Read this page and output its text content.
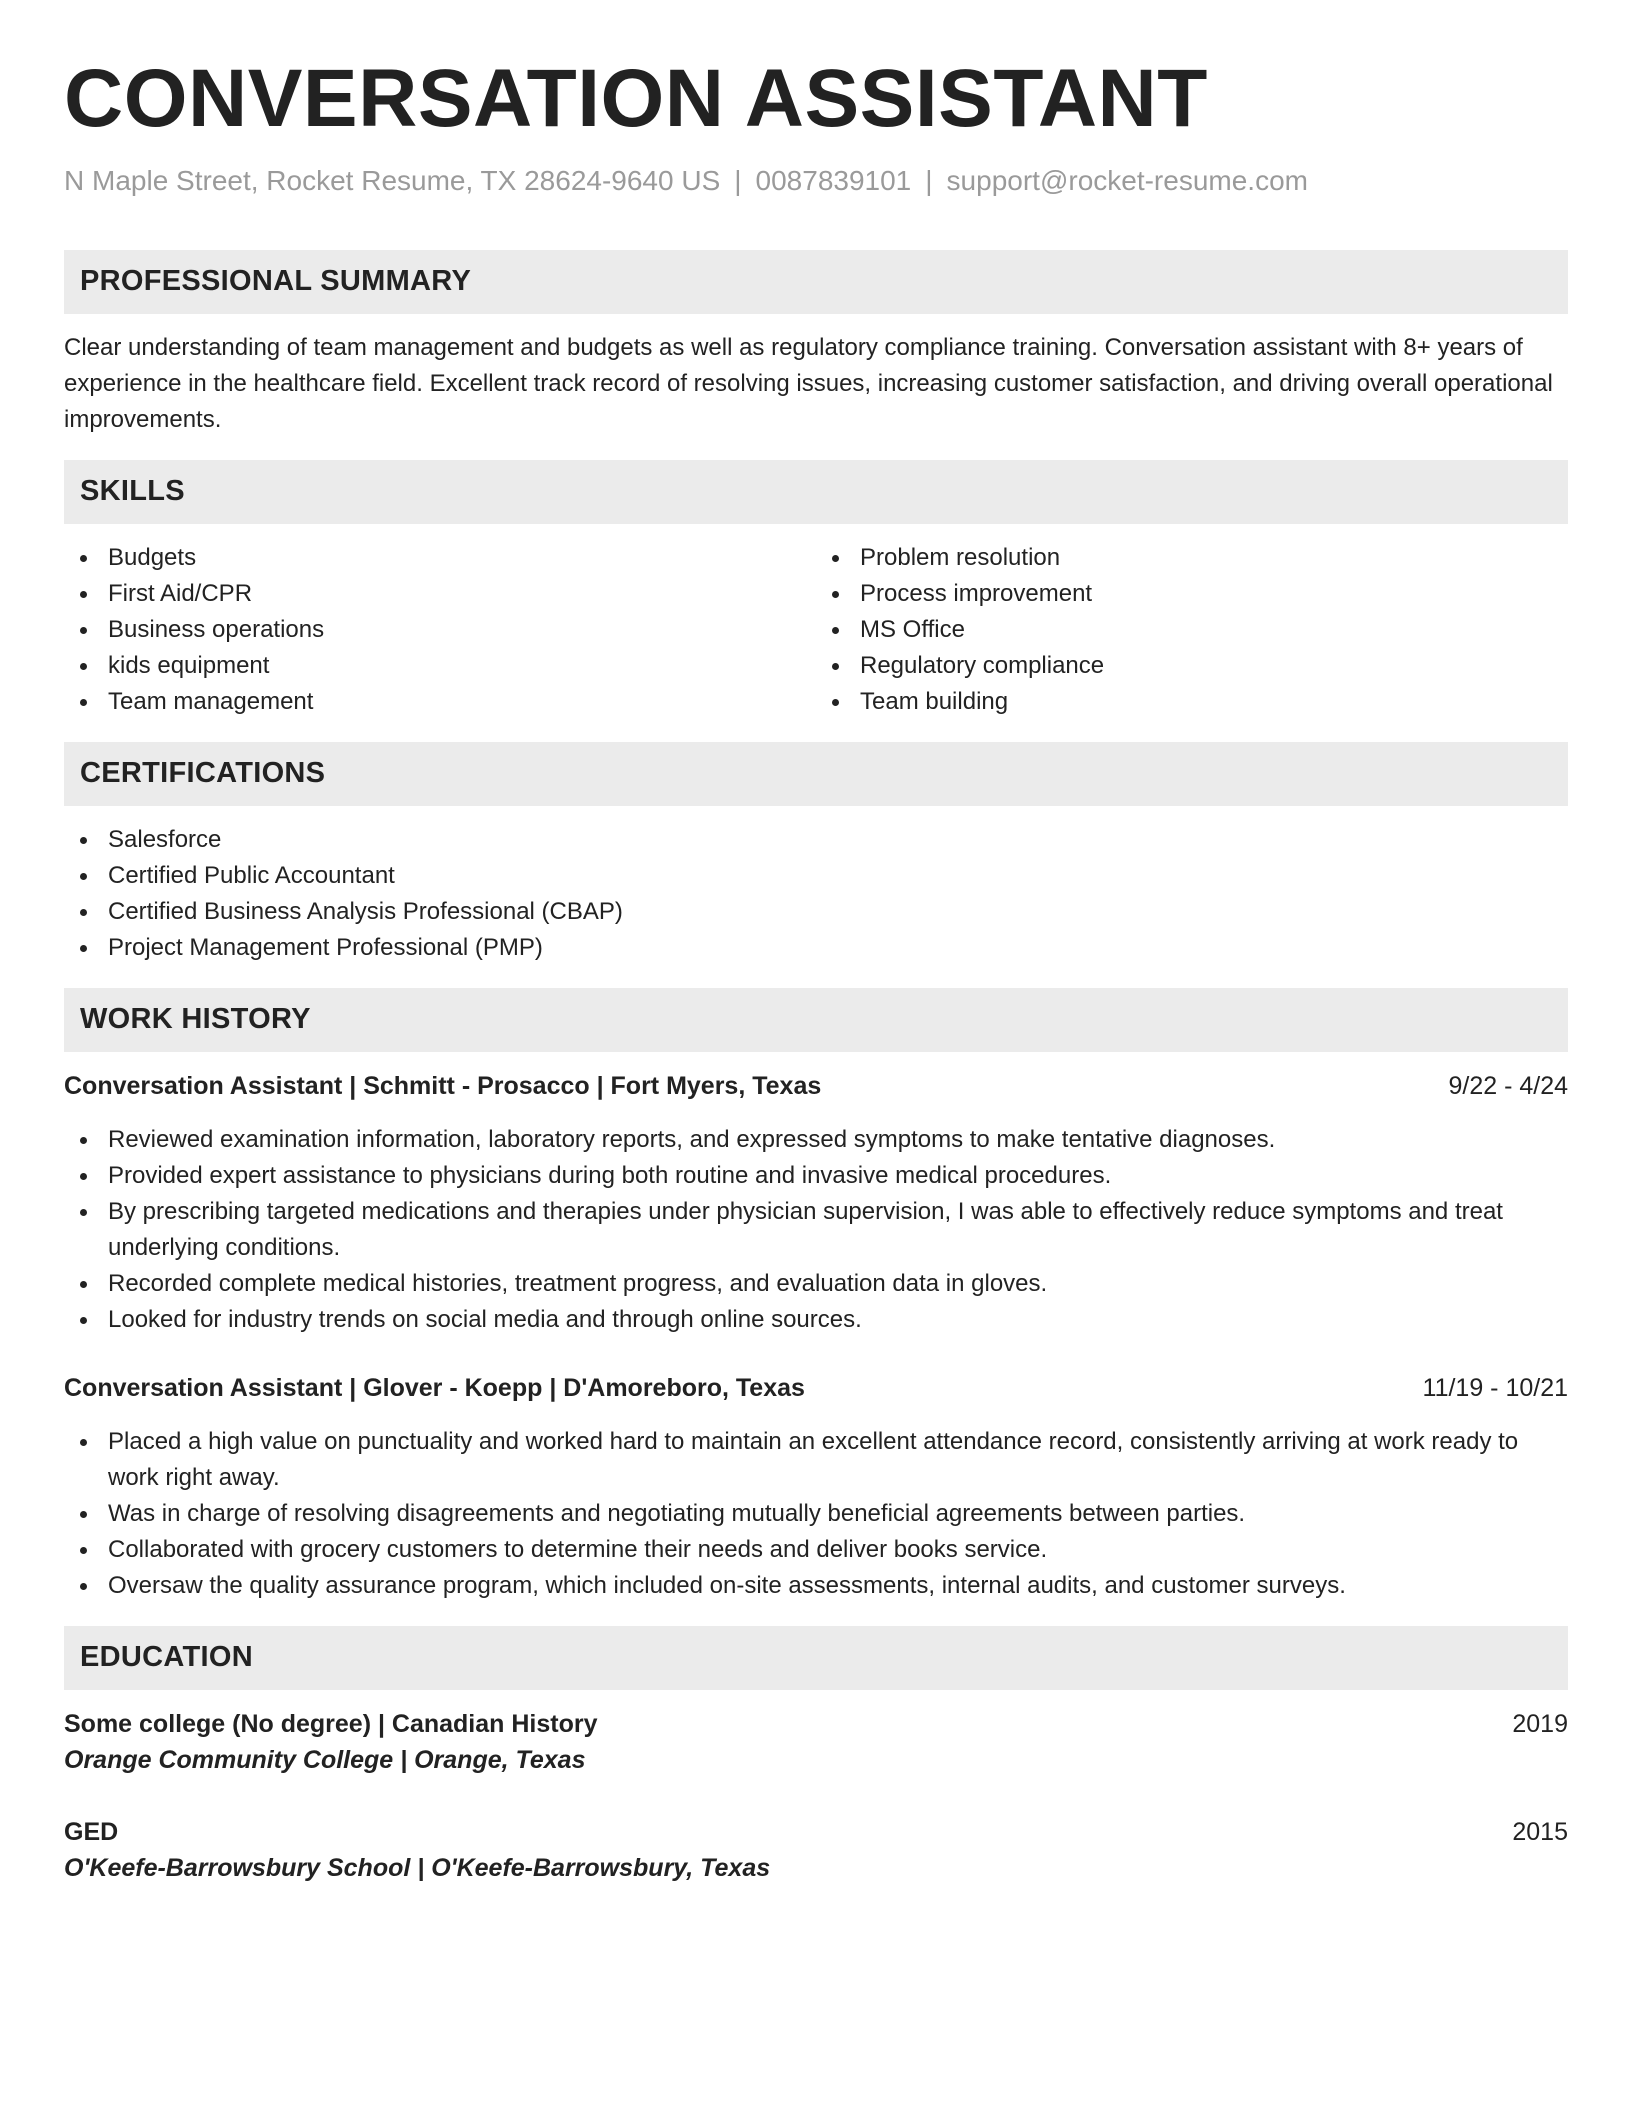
CONVERSATION ASSISTANT
N Maple Street, Rocket Resume, TX 28624-9640 US | 0087839101 | support@rocket-resume.com
PROFESSIONAL SUMMARY

Clear understanding of team management and budgets as well as regulatory compliance training. Conversation assistant with 8+ years of experience in the healthcare field. Excellent track record of resolving issues, increasing customer satisfaction, and driving overall operational improvements.

SKILLS
Budgets
First Aid/CPR
Business operations
kids equipment
Team management
Problem resolution
Process improvement
MS Office
Regulatory compliance
Team building
CERTIFICATIONS
Salesforce
Certified Public Accountant
Certified Business Analysis Professional (CBAP)
Project Management Professional (PMP)
WORK HISTORY
Conversation Assistant | Schmitt - Prosacco | Fort Myers, Texas	9/22 - 4/24
Reviewed examination information, laboratory reports, and expressed symptoms to make tentative diagnoses.
Provided expert assistance to physicians during both routine and invasive medical procedures.
By prescribing targeted medications and therapies under physician supervision, I was able to effectively reduce symptoms and treat underlying conditions.
Recorded complete medical histories, treatment progress, and evaluation data in gloves.
Looked for industry trends on social media and through online sources.
Conversation Assistant | Glover - Koepp | D'Amoreboro, Texas	11/19 - 10/21
Placed a high value on punctuality and worked hard to maintain an excellent attendance record, consistently arriving at work ready to work right away.
Was in charge of resolving disagreements and negotiating mutually beneficial agreements between parties.
Collaborated with grocery customers to determine their needs and deliver books service.
Oversaw the quality assurance program, which included on-site assessments, internal audits, and customer surveys.
EDUCATION
Some college (No degree) | Canadian History	2019
Orange Community College | Orange, Texas
GED	2015
O'Keefe-Barrowsbury School | O'Keefe-Barrowsbury, Texas
